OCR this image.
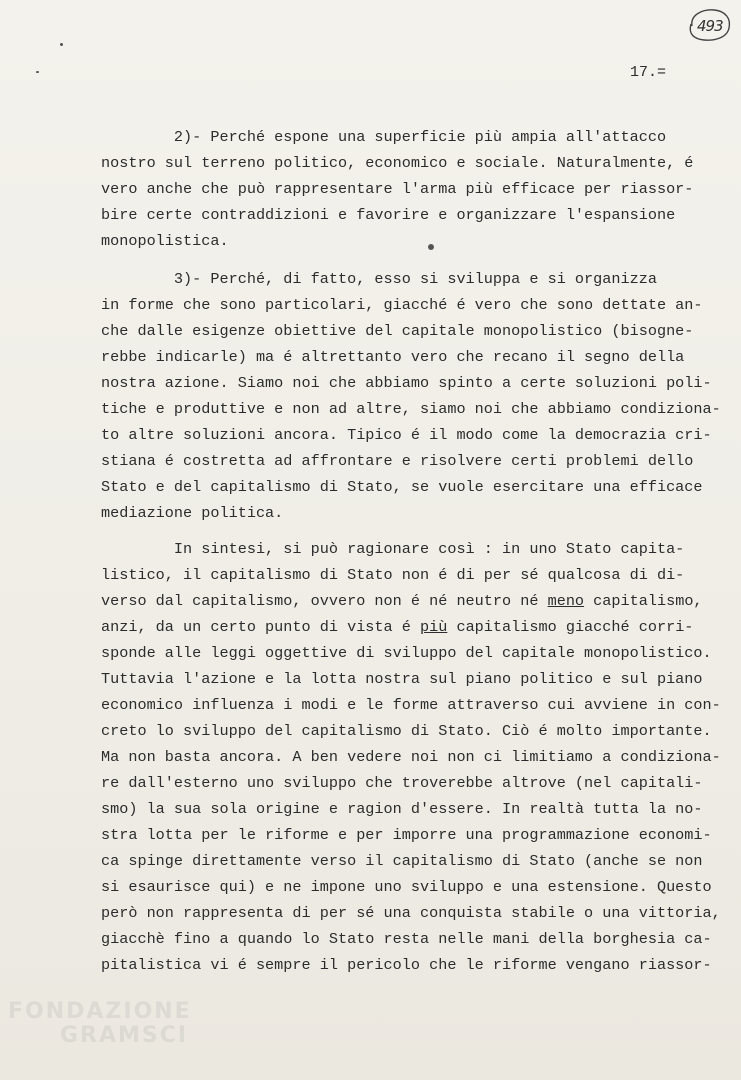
493
17.=
2)- Perché espone una superficie più ampia all'attacco
nostro sul terreno politico, economico e sociale. Naturalmente, é
vero anche che può rappresentare l'arma più efficace per riassor-
bire certe contraddizioni e favorire e organizzare l'espansione
monopolistica.
3)- Perché, di fatto, esso si sviluppa e si organizza
in forme che sono particolari, giacché é vero che sono dettate an-
che dalle esigenze obiettive del capitale monopolistico (bisogne-
rebbe indicarle) ma é altrettanto vero che recano il segno della
nostra azione. Siamo noi che abbiamo spinto a certe soluzioni poli-
tiche e produttive e non ad altre, siamo noi che abbiamo condiziona-
to altre soluzioni ancora. Tipico é il modo come la democrazia cri-
stiana é costretta ad affrontare e risolvere certi problemi dello
Stato e del capitalismo di Stato, se vuole esercitare una efficace
mediazione politica.
In sintesi, si può ragionare così : in uno Stato capita-
listico, il capitalismo di Stato non é di per sé qualcosa di di-
verso dal capitalismo, ovvero non é né neutro né meno capitalismo,
anzi, da un certo punto di vista é più capitalismo giacché corri-
sponde alle leggi oggettive di sviluppo del capitale monopolistico.
Tuttavia l'azione e la lotta nostra sul piano politico e sul piano
economico influenza i modi e le forme attraverso cui avviene in con-
creto lo sviluppo del capitalismo di Stato. Ciò é molto importante.
Ma non basta ancora. A ben vedere noi non ci limitiamo a condiziona-
re dall'esterno uno sviluppo che troverebbe altrove (nel capitali-
smo) la sua sola origine e ragion d'essere. In realtà tutta la no-
stra lotta per le riforme e per imporre una programmazione economi-
ca spinge direttamente verso il capitalismo di Stato (anche se non
si esaurisce qui) e ne impone uno sviluppo e una estensione. Questo
però non rappresenta di per sé una conquista stabile o una vittoria,
giacchè fino a quando lo Stato resta nelle mani della borghesia ca-
pitalistica vi é sempre il pericolo che le riforme vengano riassor-
FONDAZIONE
GRAMSCI
